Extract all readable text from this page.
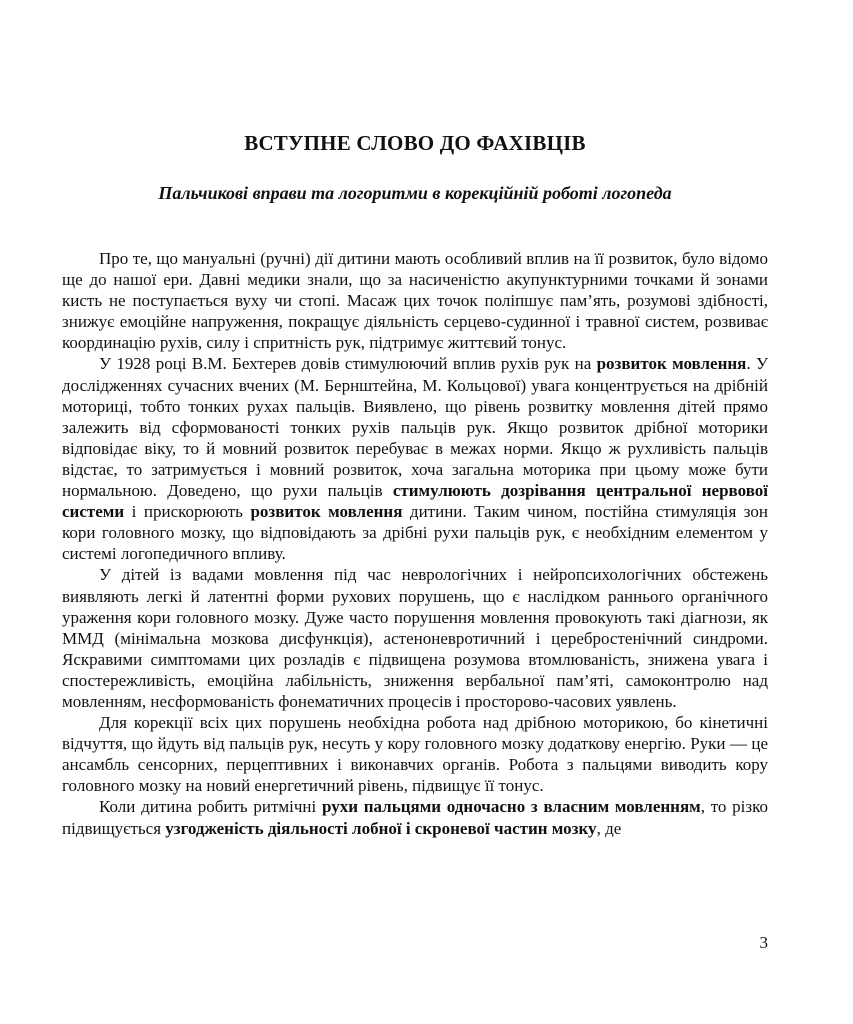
ВСТУПНЕ СЛОВО ДО ФАХІВЦІВ
Пальчикові вправи та логоритми в корекційній роботі логопеда

Про те, що мануальні (ручні) дії дитини мають особливий вплив на її розвиток, було відомо ще до нашої ери. Давні медики знали, що за насиченістю акупунктурними точками й зонами кисть не поступається вуху чи стопі. Масаж цих точок поліпшує пам’ять, розумові здібності, знижує емоційне напруження, покращує діяльність серцево-судинної і травної систем, розвиває координацію рухів, силу і спритність рук, підтримує життєвий тонус.

У 1928 році В.М. Бехтерев довів стимулюючий вплив рухів рук на розвиток мовлення. У дослідженнях сучасних вчених (М. Бернштейна, М. Кольцової) увага концентрується на дрібній моториці, тобто тонких рухах пальців. Виявлено, що рівень розвитку мовлення дітей прямо залежить від сформованості тонких рухів пальців рук. Якщо розвиток дрібної моторики відповідає віку, то й мовний розвиток перебуває в межах норми. Якщо ж рухливість пальців відстає, то затримується і мовний розвиток, хоча загальна моторика при цьому може бути нормальною. Доведено, що рухи пальців стимулюють дозрівання центральної нервової системи і прискорюють розвиток мовлення дитини. Таким чином, постійна стимуляція зон кори головного мозку, що відповідають за дрібні рухи пальців рук, є необхідним елементом у системі логопедичного впливу.

У дітей із вадами мовлення під час неврологічних і нейропсихологічних обстежень виявляють легкі й латентні форми рухових порушень, що є наслідком раннього органічного ураження кори головного мозку. Дуже часто порушення мовлення провокують такі діагнози, як ММД (мінімальна мозкова дисфункція), астеноневротичний і церебростенічний синдроми. Яскравими симптомами цих розладів є підвищена розумова втомлюваність, знижена увага і спостережливість, емоційна лабільність, зниження вербальної пам’яті, самоконтролю над мовленням, несформованість фонематичних процесів і просторово-часових уявлень.

Для корекції всіх цих порушень необхідна робота над дрібною моторикою, бо кінетичні відчуття, що йдуть від пальців рук, несуть у кору головного мозку додаткову енергію. Руки — це ансамбль сенсорних, перцептивних і виконавчих органів. Робота з пальцями виводить кору головного мозку на новий енергетичний рівень, підвищує її тонус.

Коли дитина робить ритмічні рухи пальцями одночасно з власним мовленням, то різко підвищується узгодженість діяльності лобної і скроневої частин мозку, де

3
